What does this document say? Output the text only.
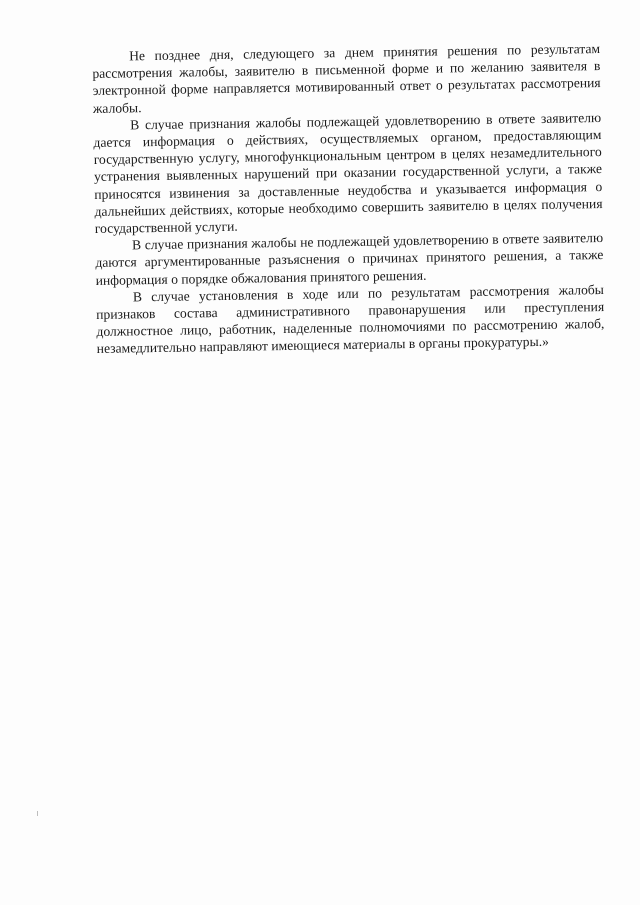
Не позднее дня, следующего за днем принятия решения по результатам рассмотрения жалобы, заявителю в письменной форме и по желанию заявителя в электронной форме направляется мотивированный ответ о результатах рассмотрения жалобы.

В случае признания жалобы подлежащей удовлетворению в ответе заявителю дается информация о действиях, осуществляемых органом, предоставляющим государственную услугу, многофункциональным центром в целях незамедлительного устранения выявленных нарушений при оказании государственной услуги, а также приносятся извинения за доставленные неудобства и указывается информация о дальнейших действиях, которые необходимо совершить заявителю в целях получения государственной услуги.

В случае признания жалобы не подлежащей удовлетворению в ответе заявителю даются аргументированные разъяснения о причинах принятого решения, а также информация о порядке обжалования принятого решения.

В случае установления в ходе или по результатам рассмотрения жалобы признаков состава административного правонарушения или преступления должностное лицо, работник, наделенные полномочиями по рассмотрению жалоб, незамедлительно направляют имеющиеся материалы в органы прокуратуры.»
